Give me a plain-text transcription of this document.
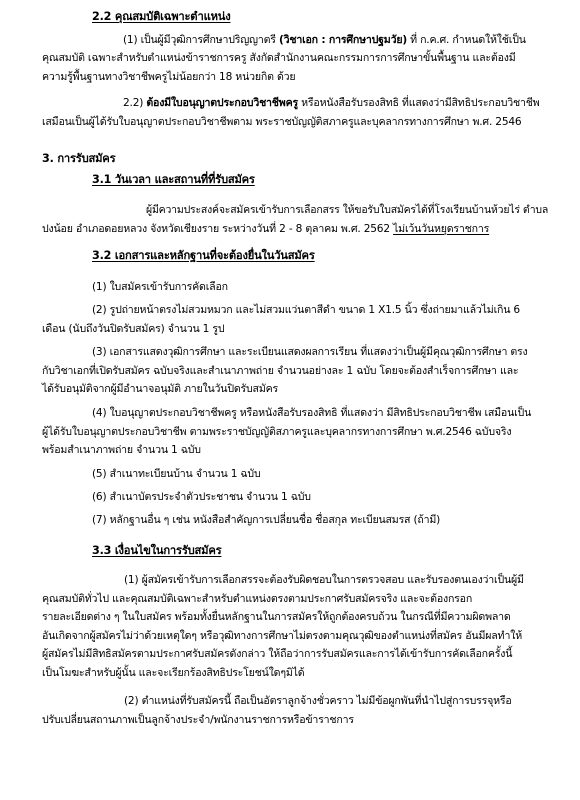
2.2 คุณสมบัติเฉพาะตำแหน่ง
(1) เป็นผู้มีวุฒิการศึกษาปริญญาตรี (วิชาเอก : การศึกษาปฐมวัย) ที่ ก.ค.ศ. กำหนดให้ใช้เป็น
คุณสมบัติ เฉพาะสำหรับตำแหน่งข้าราชการครู สังกัดสำนักงานคณะกรรมการการศึกษาขั้นพื้นฐาน และต้องมี
ความรู้พื้นฐานทางวิชาชีพครูไม่น้อยกว่า 18 หน่วยกิต ด้วย
2.2) ต้องมีใบอนุญาตประกอบวิชาชีพครู หรือหนังสือรับรองสิทธิ ที่แสดงว่ามีสิทธิประกอบวิชาชีพ
เสมือนเป็นผู้ได้รับใบอนุญาตประกอบวิชาชีพตาม พระราชบัญญัติสภาครูและบุคลากรทางการศึกษา พ.ศ. 2546
3. การรับสมัคร
3.1 วันเวลา และสถานที่ที่รับสมัคร
ผู้มีความประสงค์จะสมัครเข้ารับการเลือกสรร ให้ขอรับใบสมัครได้ที่โรงเรียนบ้านห้วยไร่ ตำบล
ปงน้อย อำเภอดอยหลวง จังหวัดเชียงราย ระหว่างวันที่ 2 - 8 ตุลาคม พ.ศ. 2562 ไม่เว้นวันหยุดราชการ
3.2 เอกสารและหลักฐานที่จะต้องยื่นในวันสมัคร
(1) ใบสมัครเข้ารับการคัดเลือก
(2) รูปถ่ายหน้าตรงไม่สวมหมวก และไม่สวมแว่นตาสีดำ ขนาด 1 X1.5 นิ้ว ซึ่งถ่ายมาแล้วไม่เกิน 6
เดือน (นับถึงวันปิดรับสมัคร) จำนวน 1 รูป
(3) เอกสารแสดงวุฒิการศึกษา และระเบียนแสดงผลการเรียน ที่แสดงว่าเป็นผู้มีคุณวุฒิการศึกษา ตรง
กับวิชาเอกที่เปิดรับสมัคร ฉบับจริงและสำเนาภาพถ่าย จำนวนอย่างละ 1 ฉบับ โดยจะต้องสำเร็จการศึกษา และ
ได้รับอนุมัติจากผู้มีอำนาจอนุมัติ ภายในวันปิดรับสมัคร
(4) ใบอนุญาตประกอบวิชาชีพครู หรือหนังสือรับรองสิทธิ ที่แสดงว่า มีสิทธิประกอบวิชาชีพ เสมือนเป็น
ผู้ได้รับใบอนุญาตประกอบวิชาชีพ ตามพระราชบัญญัติสภาครูและบุคลากรทางการศึกษา พ.ศ.2546 ฉบับจริง
พร้อมสำเนาภาพถ่าย จำนวน 1 ฉบับ
(5) สำเนาทะเบียนบ้าน จำนวน 1 ฉบับ
(6) สำเนาบัตรประจำตัวประชาชน จำนวน 1 ฉบับ
(7) หลักฐานอื่น ๆ เช่น หนังสือสำคัญการเปลี่ยนชื่อ ชื่อสกุล ทะเบียนสมรส (ถ้ามี)
3.3 เงื่อนไขในการรับสมัคร
(1) ผู้สมัครเข้ารับการเลือกสรรจะต้องรับผิดชอบในการตรวจสอบ และรับรองตนเองว่าเป็นผู้มี
คุณสมบัติทั่วไป และคุณสมบัติเฉพาะสำหรับตำแหน่งตรงตามประกาศรับสมัครจริง และจะต้องกรอก
รายละเอียดต่าง ๆ ในใบสมัคร พร้อมทั้งยื่นหลักฐานในการสมัครให้ถูกต้องครบถ้วน ในกรณีที่มีความผิดพลาด
อันเกิดจากผู้สมัครไม่ว่าด้วยเหตุใดๆ หรือวุฒิทางการศึกษาไม่ตรงตามคุณวุฒิของตำแหน่งที่สมัคร อันมีผลทำให้
ผู้สมัครไม่มีสิทธิสมัครตามประกาศรับสมัครดังกล่าว ให้ถือว่าการรับสมัครและการได้เข้ารับการคัดเลือกครั้งนี้
เป็นโมฆะสำหรับผู้นั้น และจะเรียกร้องสิทธิประโยชน์ใดๆมิได้
(2) ตำแหน่งที่รับสมัครนี้ ถือเป็นอัตราลูกจ้างชั่วคราว ไม่มีข้อผูกพันที่นำไปสู่การบรรจุหรือ
ปรับเปลี่ยนสถานภาพเป็นลูกจ้างประจำ/พนักงานราชการหรือข้าราชการ
